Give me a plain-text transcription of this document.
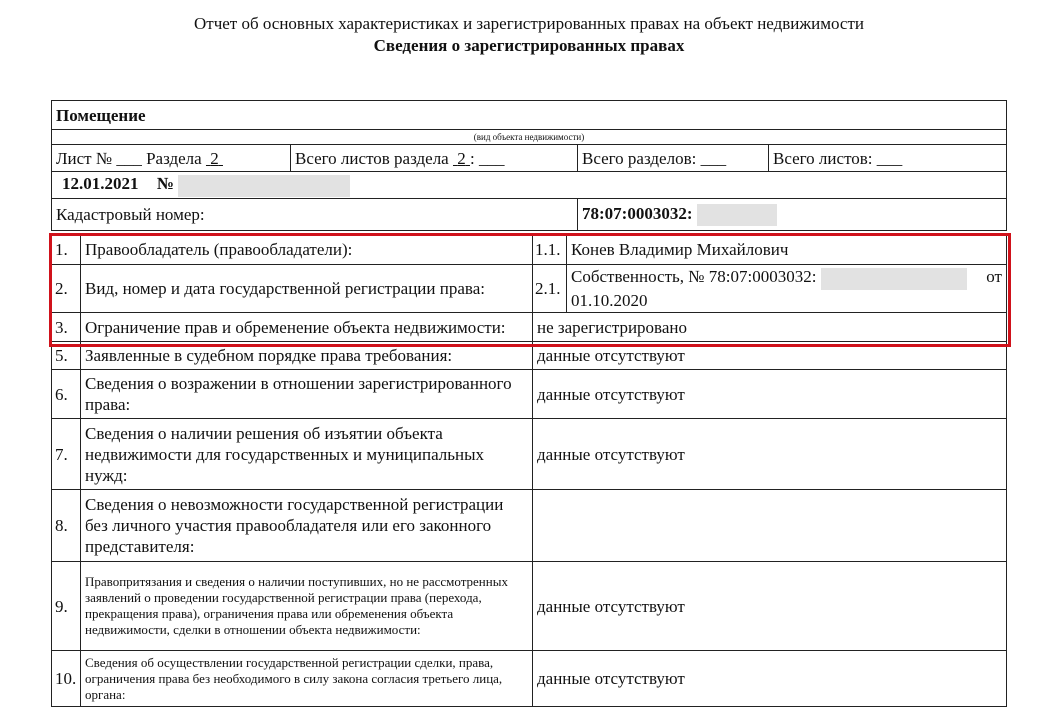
Отчет об основных характеристиках и зарегистрированных правах на объект недвижимости
Сведения о зарегистрированных правах
Помещение			
(вид объекта недвижимости)			
Лист № ___ Раздела 2	Всего листов раздела 2 : ___	Всего разделов: ___	Всего листов: ___
12.01.2021 №			
Кадастровый номер:		78:07:0003032:	
1.	Правообладатель (правообладатели):	1.1.	Конев Владимир Михайлович
2.	Вид, номер и дата государственной регистрации права:	2.1.	Собственность, № 78:07:0003032: от
01.10.2020

3.	Ограничение прав и обременение объекта недвижимости:	не зарегистрировано	
5.	Заявленные в судебном порядке права требования:	данные отсутствуют	
6.	Сведения о возражении в отношении зарегистрированного права:	данные отсутствуют	
7.	Сведения о наличии решения об изъятии объекта недвижимости для государственных и муниципальных нужд:	данные отсутствуют	
8.	Сведения о невозможности государственной регистрации без личного участия правообладателя или его законного представителя:		
9.	Правопритязания и сведения о наличии поступивших, но не рассмотренных заявлений о проведении государственной регистрации права (перехода, прекращения права), ограничения права или обременения объекта недвижимости, сделки в отношении объекта недвижимости:	данные отсутствуют	
10.	Сведения об осуществлении государственной регистрации сделки, права, ограничения права без необходимого в силу закона согласия третьего лица, органа:	данные отсутствуют	
